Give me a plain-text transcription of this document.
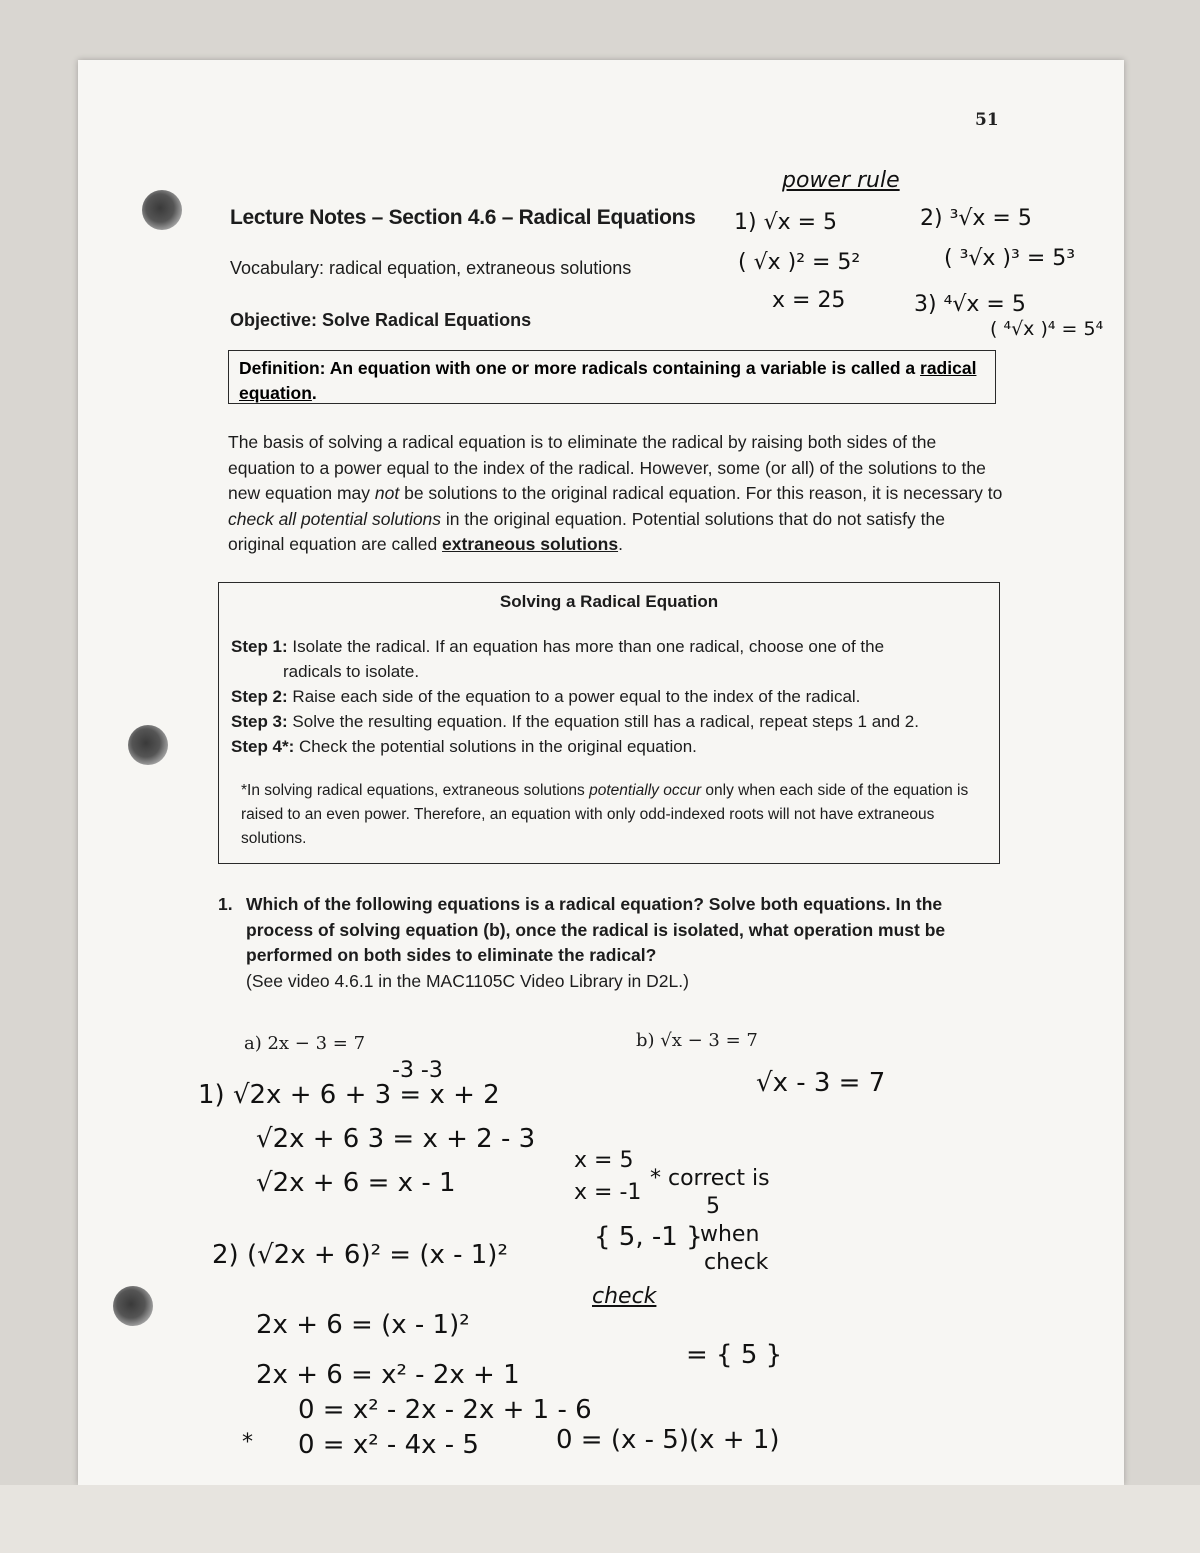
51
Lecture Notes – Section 4.6 – Radical Equations
Vocabulary: radical equation, extraneous solutions
Objective: Solve Radical Equations
Definition: An equation with one or more radicals containing a variable is called a radical equation.
The basis of solving a radical equation is to eliminate the radical by raising both sides of the equation to a power equal to the index of the radical. However, some (or all) of the solutions to the new equation may not be solutions to the original radical equation. For this reason, it is necessary to check all potential solutions in the original equation. Potential solutions that do not satisfy the original equation are called extraneous solutions.
Solving a Radical Equation
Step 1: Isolate the radical. If an equation has more than one radical, choose one of the
radicals to isolate.
Step 2: Raise each side of the equation to a power equal to the index of the radical.
Step 3: Solve the resulting equation. If the equation still has a radical, repeat steps 1 and 2.
Step 4*: Check the potential solutions in the original equation.
*In solving radical equations, extraneous solutions potentially occur only when each side of the equation is raised to an even power. Therefore, an equation with only odd-indexed roots will not have extraneous solutions.
1. Which of the following equations is a radical equation? Solve both equations. In the process of solving equation (b), once the radical is isolated, what operation must be performed on both sides to eliminate the radical?
(See video 4.6.1 in the MAC1105C Video Library in D2L.)
a) 2x − 3 = 7	b) √x − 3 = 7
power rule
1) √x = 5
( √x )² = 5²
x = 25
2) ³√x = 5
( ³√x )³ = 5³
3) ⁴√x = 5
( ⁴√x )⁴ = 5⁴
-3 -3
1) √2x + 6 + 3 = x + 2
√2x + 6 3 = x + 2 - 3
√2x + 6 = x - 1
2) (√2x + 6)² = (x - 1)²
2x + 6 = (x - 1)²
2x + 6 = x² - 2x + 1
0 = x² - 2x - 2x + 1 - 6
* 0 = x² - 4x - 5	0 = (x - 5)(x + 1)
x = 5
x = -1
* correct is
5
{ 5, -1 }
when
check
check
= { 5 }
√x - 3 = 7
